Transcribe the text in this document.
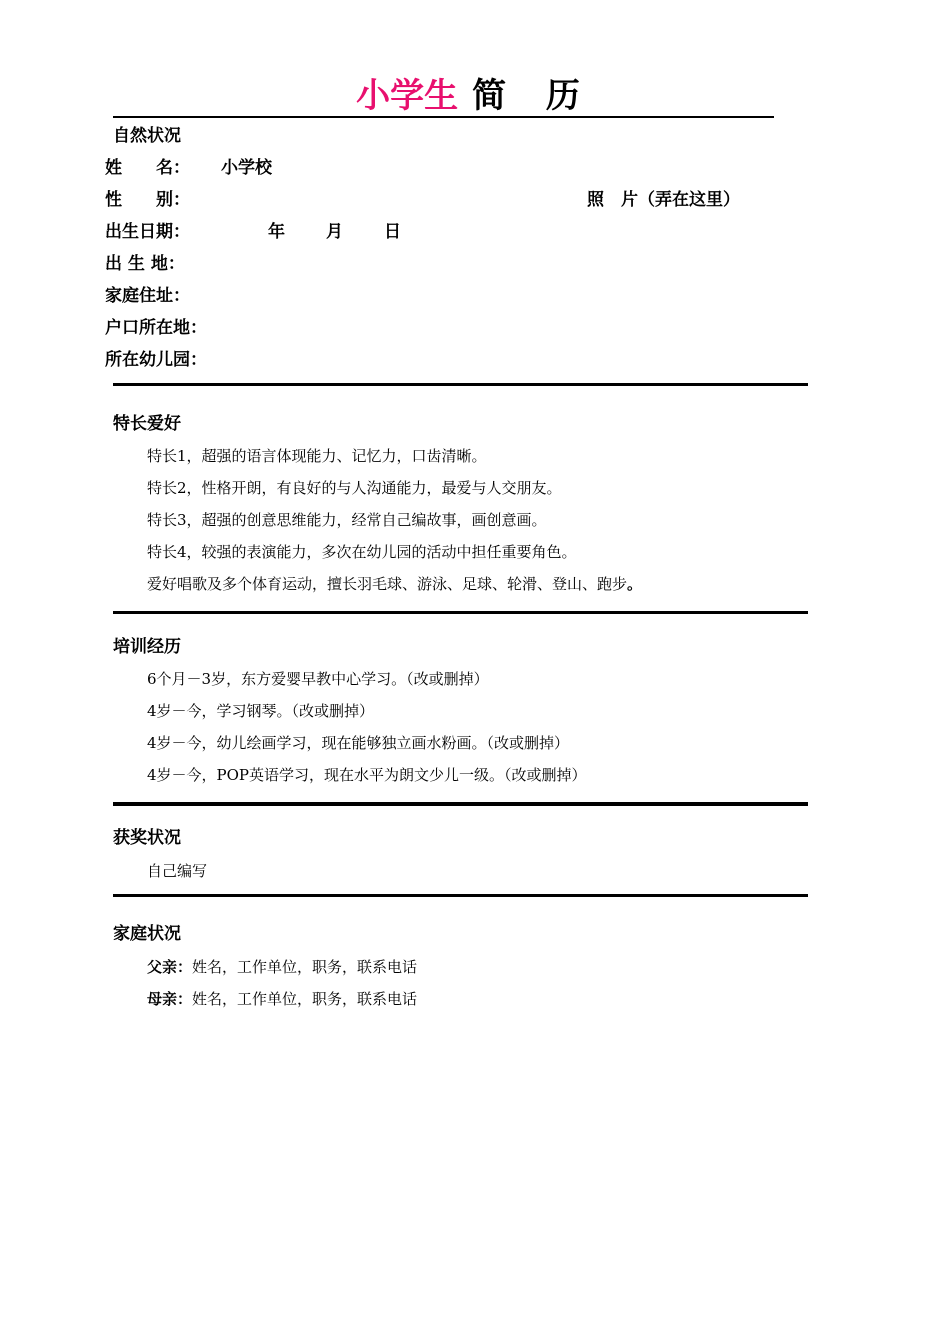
小学生 简 历
自然状况
姓　　名： 小学校
性　　别：	照　片（弄在这里）
出生日期：	年 月 日
出 生 地：
家庭住址：
户口所在地：
所在幼儿园：
特长爱好
特长1，超强的语言体现能力、记忆力，口齿清晰。
特长2，性格开朗，有良好的与人沟通能力，最爱与人交朋友。
特长3，超强的创意思维能力，经常自己编故事，画创意画。
特长4，较强的表演能力，多次在幼儿园的活动中担任重要角色。
爱好唱歌及多个体育运动，擅长羽毛球、游泳、足球、轮滑、登山、跑步。
培训经历
6个月－3岁，东方爱婴早教中心学习。（改或删掉）
4岁－今，学习钢琴。（改或删掉）
4岁－今，幼儿绘画学习，现在能够独立画水粉画。（改或删掉）
4岁－今，POP英语学习，现在水平为朗文少儿一级。（改或删掉）
获奖状况
自己编写
家庭状况
父亲：姓名，工作单位，职务，联系电话
母亲：姓名，工作单位，职务，联系电话
